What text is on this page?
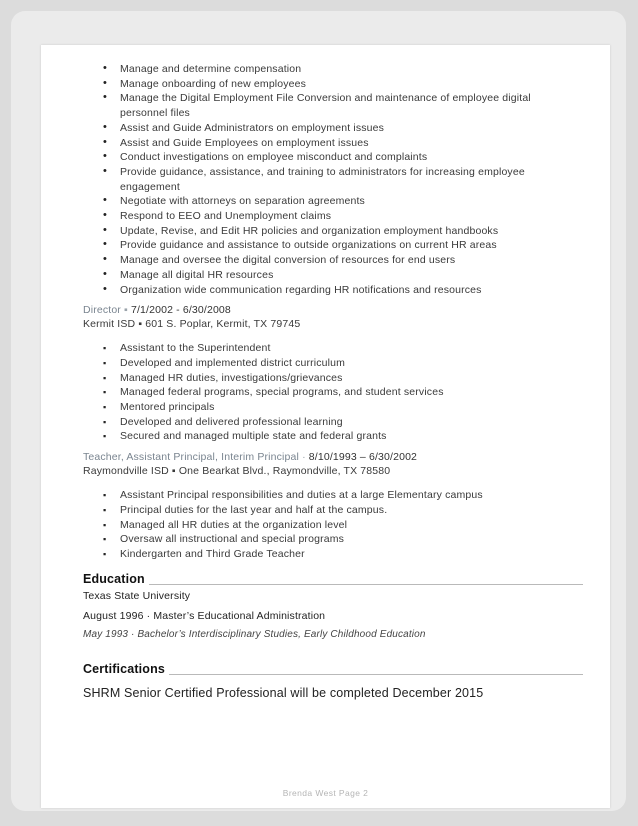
• Manage and determine compensation
• Manage onboarding of new employees
• Manage the Digital Employment File Conversion and maintenance of employee digital
personnel files
• Assist and Guide Administrators on employment issues
• Assist and Guide Employees on employment issues
• Conduct investigations on employee misconduct and complaints
• Provide guidance, assistance, and training to administrators for increasing employee
engagement
• Negotiate with attorneys on separation agreements
• Respond to EEO and Unemployment claims
• Update, Revise, and Edit HR policies and organization employment handbooks
• Provide guidance and assistance to outside organizations on current HR areas
• Manage and oversee the digital conversion of resources for end users
• Manage all digital HR resources
• Organization wide communication regarding HR notifications and resources
Director ▪ 7/1/2002 - 6/30/2008
Kermit ISD ▪ 601 S. Poplar, Kermit, TX 79745
▪ Assistant to the Superintendent
▪ Developed and implemented district curriculum
▪ Managed HR duties, investigations/grievances
▪ Managed federal programs, special programs, and student services
▪ Mentored principals
▪ Developed and delivered professional learning
▪ Secured and managed multiple state and federal grants
Teacher, Assistant Principal, Interim Principal · 8/10/1993 – 6/30/2002
Raymondville ISD ▪ One Bearkat Blvd., Raymondville, TX 78580
▪ Assistant Principal responsibilities and duties at a large Elementary campus
▪ Principal duties for the last year and half at the campus.
▪ Managed all HR duties at the organization level
▪ Oversaw all instructional and special programs
▪ Kindergarten and Third Grade Teacher
Education
Texas State University
August 1996 · Master’s Educational Administration
May 1993 · Bachelor’s Interdisciplinary Studies, Early Childhood Education
Certifications
SHRM Senior Certified Professional will be completed December 2015
Brenda West Page 2
